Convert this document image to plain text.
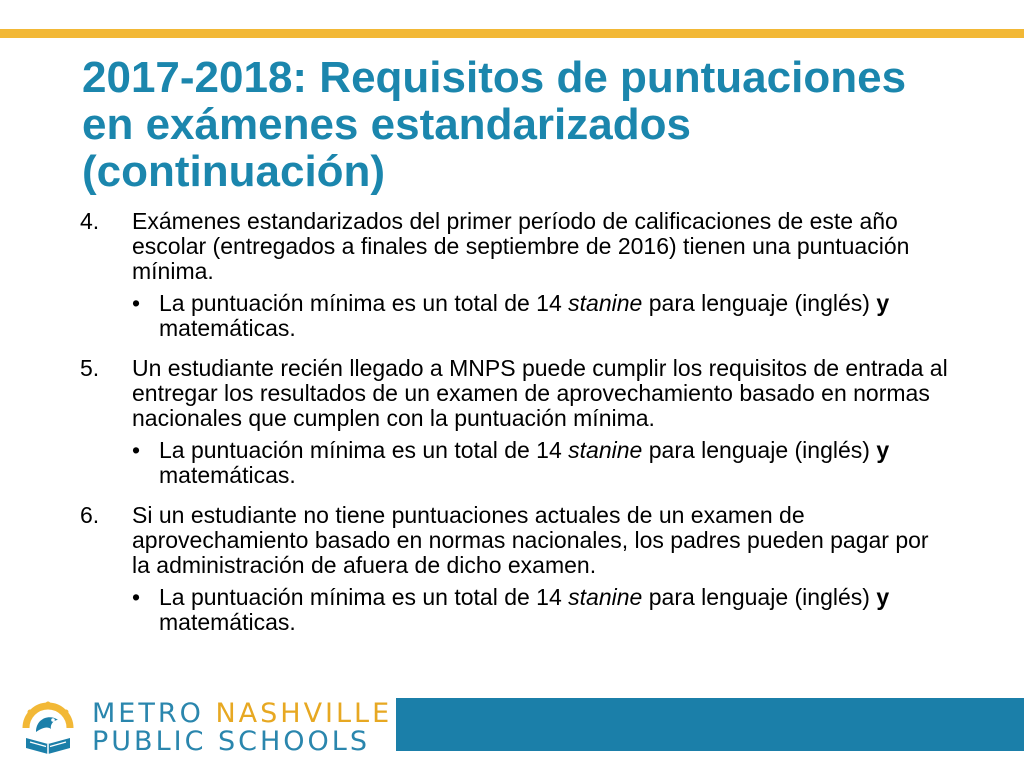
2017-2018: Requisitos de puntuaciones en exámenes estandarizados (continuación)
4.	Exámenes estandarizados del primer período de calificaciones de este año escolar (entregados a finales de septiembre de 2016) tienen una puntuación mínima.
• La puntuación mínima es un total de 14 stanine para lenguaje (inglés) y matemáticas.
5.	Un estudiante recién llegado a MNPS puede cumplir los requisitos de entrada al entregar los resultados de un examen de aprovechamiento basado en normas nacionales que cumplen con la puntuación mínima.
• La puntuación mínima es un total de 14 stanine para lenguaje (inglés) y matemáticas.
6.	Si un estudiante no tiene puntuaciones actuales de un examen de aprovechamiento basado en normas nacionales, los padres pueden pagar por la administración de afuera de dicho examen.
• La puntuación mínima es un total de 14 stanine para lenguaje (inglés) y matemáticas.
METRO NASHVILLE
PUBLIC SCHOOLS
